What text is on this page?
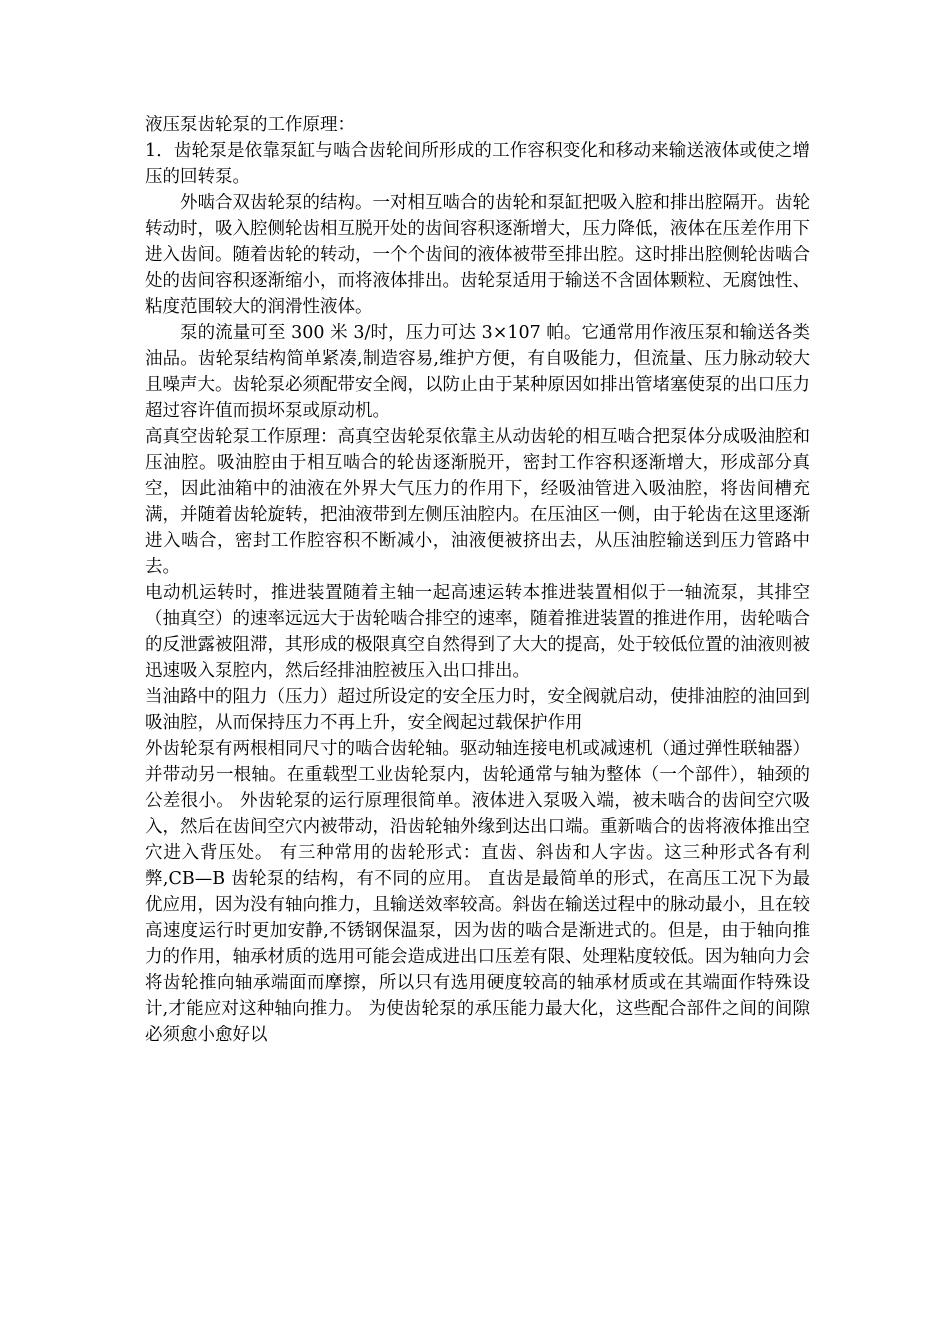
液压泵齿轮泵的工作原理：

1．齿轮泵是依靠泵缸与啮合齿轮间所形成的工作容积变化和移动来输送液体或使之增压的回转泵。

外啮合双齿轮泵的结构。一对相互啮合的齿轮和泵缸把吸入腔和排出腔隔开。齿轮转动时，吸入腔侧轮齿相互脱开处的齿间容积逐渐增大，压力降低，液体在压差作用下进入齿间。随着齿轮的转动，一个个齿间的液体被带至排出腔。这时排出腔侧轮齿啮合处的齿间容积逐渐缩小，而将液体排出。齿轮泵适用于输送不含固体颗粒、无腐蚀性、粘度范围较大的润滑性液体。

泵的流量可至 300 米 3/时，压力可达 3×107 帕。它通常用作液压泵和输送各类油品。齿轮泵结构简单紧凑,制造容易,维护方便，有自吸能力，但流量、压力脉动较大且噪声大。齿轮泵必须配带安全阀，以防止由于某种原因如排出管堵塞使泵的出口压力超过容许值而损坏泵或原动机。

高真空齿轮泵工作原理：高真空齿轮泵依靠主从动齿轮的相互啮合把泵体分成吸油腔和压油腔。吸油腔由于相互啮合的轮齿逐渐脱开，密封工作容积逐渐增大，形成部分真空，因此油箱中的油液在外界大气压力的作用下，经吸油管进入吸油腔，将齿间槽充满，并随着齿轮旋转，把油液带到左侧压油腔内。在压油区一侧，由于轮齿在这里逐渐进入啮合，密封工作腔容积不断减小，油液便被挤出去，从压油腔输送到压力管路中去。

电动机运转时，推进装置随着主轴一起高速运转本推进装置相似于一轴流泵，其排空（抽真空）的速率远远大于齿轮啮合排空的速率，随着推进装置的推进作用，齿轮啮合的反泄露被阻滞，其形成的极限真空自然得到了大大的提高，处于较低位置的油液则被迅速吸入泵腔内，然后经排油腔被压入出口排出。

当油路中的阻力（压力）超过所设定的安全压力时，安全阀就启动，使排油腔的油回到吸油腔，从而保持压力不再上升，安全阀起过载保护作用

外齿轮泵有两根相同尺寸的啮合齿轮轴。驱动轴连接电机或减速机（通过弹性联轴器）并带动另一根轴。在重载型工业齿轮泵内，齿轮通常与轴为整体（一个部件），轴颈的公差很小。 外齿轮泵的运行原理很简单。液体进入泵吸入端，被未啮合的齿间空穴吸入，然后在齿间空穴内被带动，沿齿轮轴外缘到达出口端。重新啮合的齿将液体推出空穴进入背压处。 有三种常用的齿轮形式：直齿、斜齿和人字齿。这三种形式各有利弊,CB—B 齿轮泵的结构，有不同的应用。 直齿是最简单的形式，在高压工况下为最优应用，因为没有轴向推力，且输送效率较高。斜齿在输送过程中的脉动最小，且在较高速度运行时更加安静,不锈钢保温泵，因为齿的啮合是渐进式的。但是，由于轴向推力的作用，轴承材质的选用可能会造成进出口压差有限、处理粘度较低。因为轴向力会将齿轮推向轴承端面而摩擦，所以只有选用硬度较高的轴承材质或在其端面作特殊设计,才能应对这种轴向推力。 为使齿轮泵的承压能力最大化，这些配合部件之间的间隙必须愈小愈好以
